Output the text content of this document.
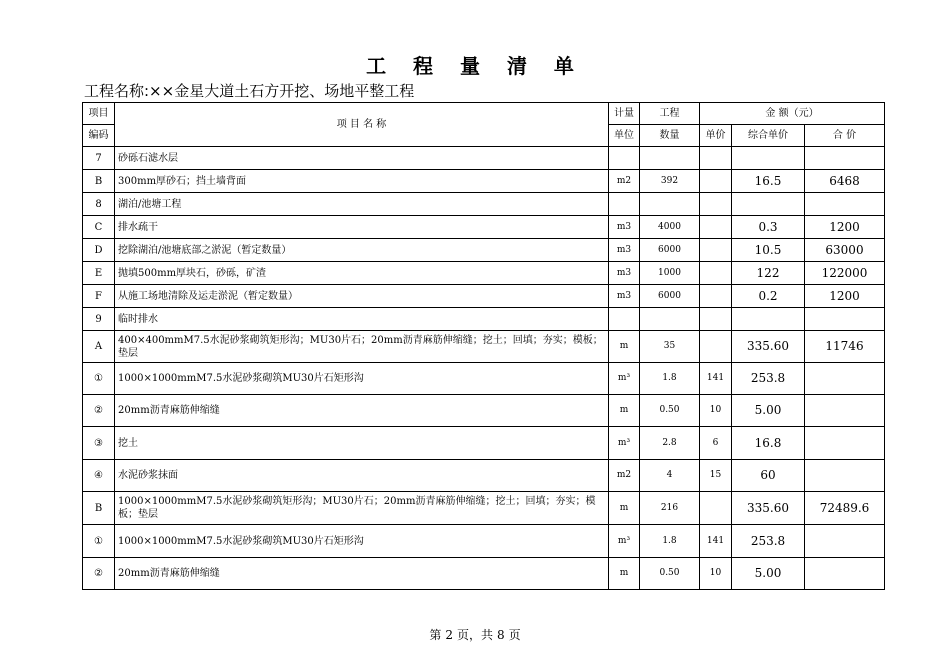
工 程 量 清 单
工程名称:××金星大道土石方开挖、场地平整工程
项目	项 目 名 称	计量	工程	金 额（元）		
编码		单位	数量	单价	综合单价	合 价
7	砂砾石滤水层					
B	300mm厚砂石；挡土墙背面	m2	392		16.5	6468
8	湖泊/池塘工程					
C	排水疏干	m3	4000		0.3	1200
D	挖除湖泊/池塘底部之淤泥（暂定数量）	m3	6000		10.5	63000
E	抛填500mm厚块石，砂砾，矿渣	m3	1000		122	122000
F	从施工场地清除及运走淤泥（暂定数量）	m3	6000		0.2	1200
9	临时排水					
A	400×400mmM7.5水泥砂浆砌筑矩形沟；MU30片石；20mm沥青麻筋伸缩缝；挖土；回填；夯实；模板；垫层	m	35		335.60	11746
①	1000×1000mmM7.5水泥砂浆砌筑MU30片石矩形沟	m³	1.8	141	253.8	
②	20mm沥青麻筋伸缩缝	m	0.50	10	5.00	
③	挖土	m³	2.8	6	16.8	
④	水泥砂浆抹面	m2	4	15	60	
B	1000×1000mmM7.5水泥砂浆砌筑矩形沟；MU30片石；20mm沥青麻筋伸缩缝；挖土；回填；夯实；模板；垫层	m	216		335.60	72489.6
①	1000×1000mmM7.5水泥砂浆砌筑MU30片石矩形沟	m³	1.8	141	253.8	
②	20mm沥青麻筋伸缩缝	m	0.50	10	5.00	
第 2 页，共 8 页
